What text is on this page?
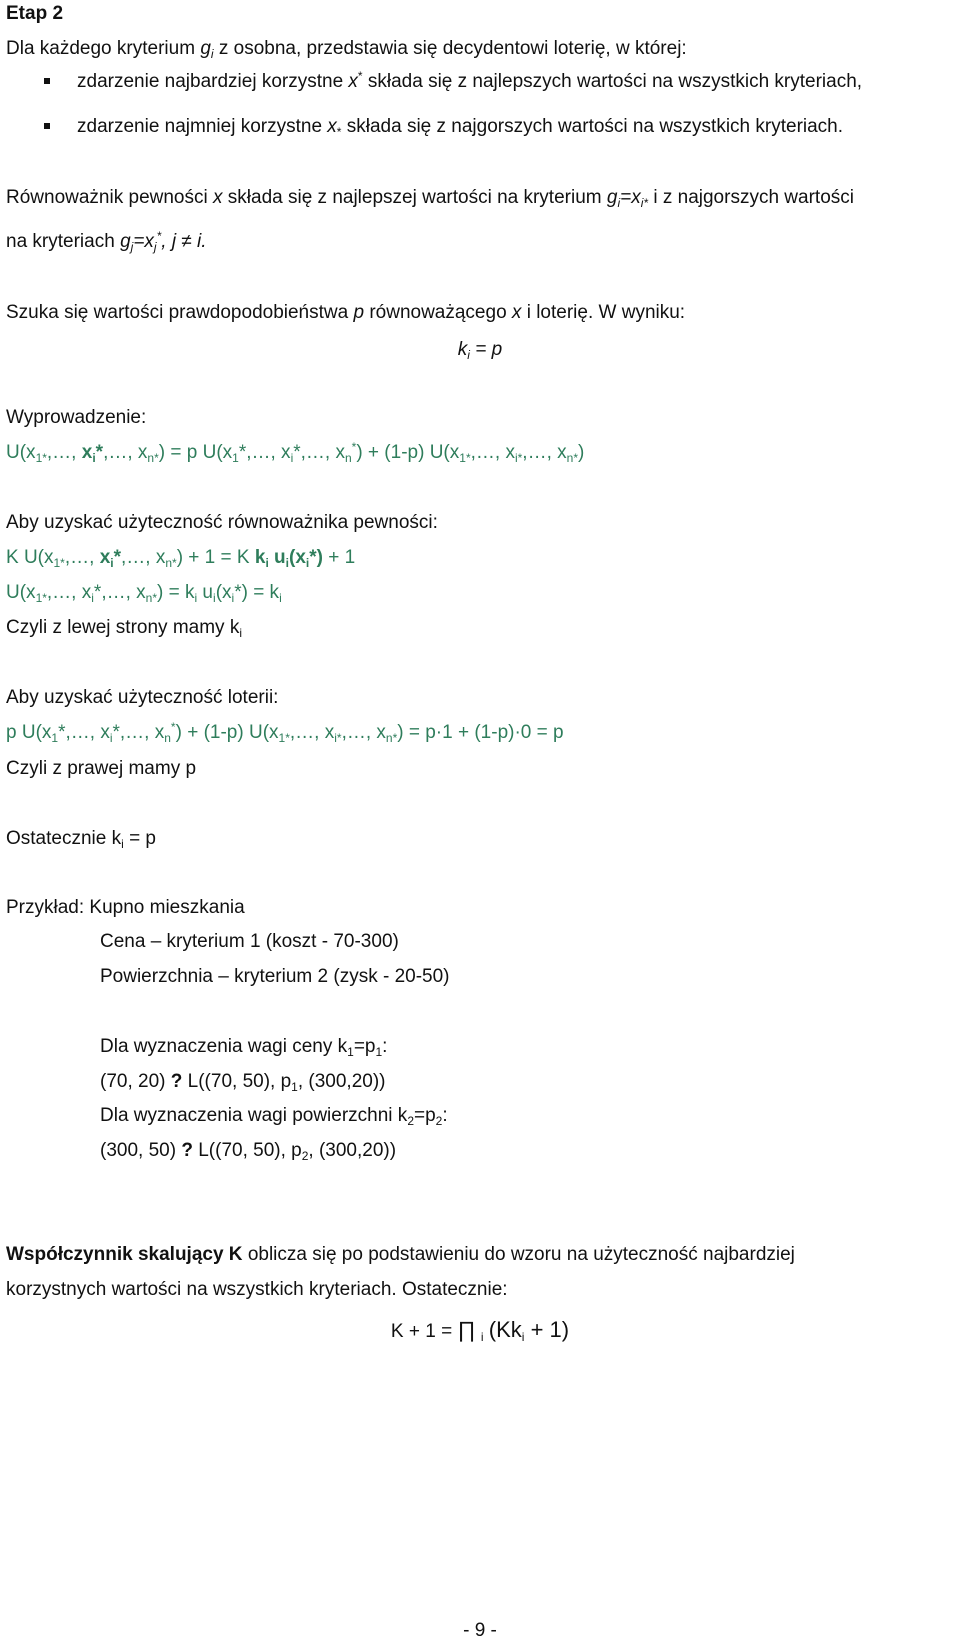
Etap 2
Dla każdego kryterium $g_i$ z osobna, przedstawia się decydentowi loterię, w której:
zdarzenie najbardziej korzystne x* składa się z najlepszych wartości na wszystkich kryteriach,
zdarzenie najmniej korzystne $x_*$ składa się z najgorszych wartości na wszystkich kryteriach.
Równoważnik pewności x składa się z najlepszej wartości na kryterium $g_i=x_{i*}$ i z najgorszych wartości
na kryteriach $g_j=x_j^*$, j ≠ i.
Szuka się wartości prawdopodobieństwa p równoważącego x i loterię. W wyniku:
$k_i = p$
Wyprowadzenie:
$U(x_{1*},\dots$, $x_i*,\dots$, $x_{n*}) = p$ $U(x_1*,\dots$, $x_i*,\dots$, $x_n^*) + (1-p)$ $U(x_{1*},\dots$, $x_{i*},\dots$, $x_{n*}$)
Aby uzyskać użyteczność równoważnika pewności:
K $U(x_{1*},\dots$, $x_i*,\dots$, $x_{n*}) + 1 = K$ $k_i$ $u_i(x_i*) + 1$
$U(x_{1*},\dots$, $x_i*,\dots$, $x_{n*}) = k_i$ $u_i(x_i*) = k_i$
Czyli z lewej strony mamy $k_i$
Aby uzyskać użyteczność loterii:
p $U(x_1*,\dots$, $x_i*,\dots$, $x_n^*) + (1-p)$ $U(x_{1*},\dots$, $x_{i*},\dots$, $x_{n*}) = p\cdot 1 + (1-p)\cdot 0 = p$
Czyli z prawej mamy p
Ostatecznie $k_i = p$
Przykład: Kupno mieszkania
Cena – kryterium 1 (koszt - 70-300)
Powierzchnia – kryterium 2 (zysk - 20-50)
Dla wyznaczenia wagi ceny $k_1=p_1$:
(70, 20) ? L((70, 50), $p_1$, (300,20))
Dla wyznaczenia wagi powierzchni $k_2=p_2$:
(300, 50) ? L((70, 50), $p_2$, (300,20))
Współczynnik skalujący K oblicza się po podstawieniu do wzoru na użyteczność najbardziej
korzystnych wartości na wszystkich kryteriach. Ostatecznie:
K + 1 = ∏ $_i$ $(Kk_i + 1)$
- 9 -
